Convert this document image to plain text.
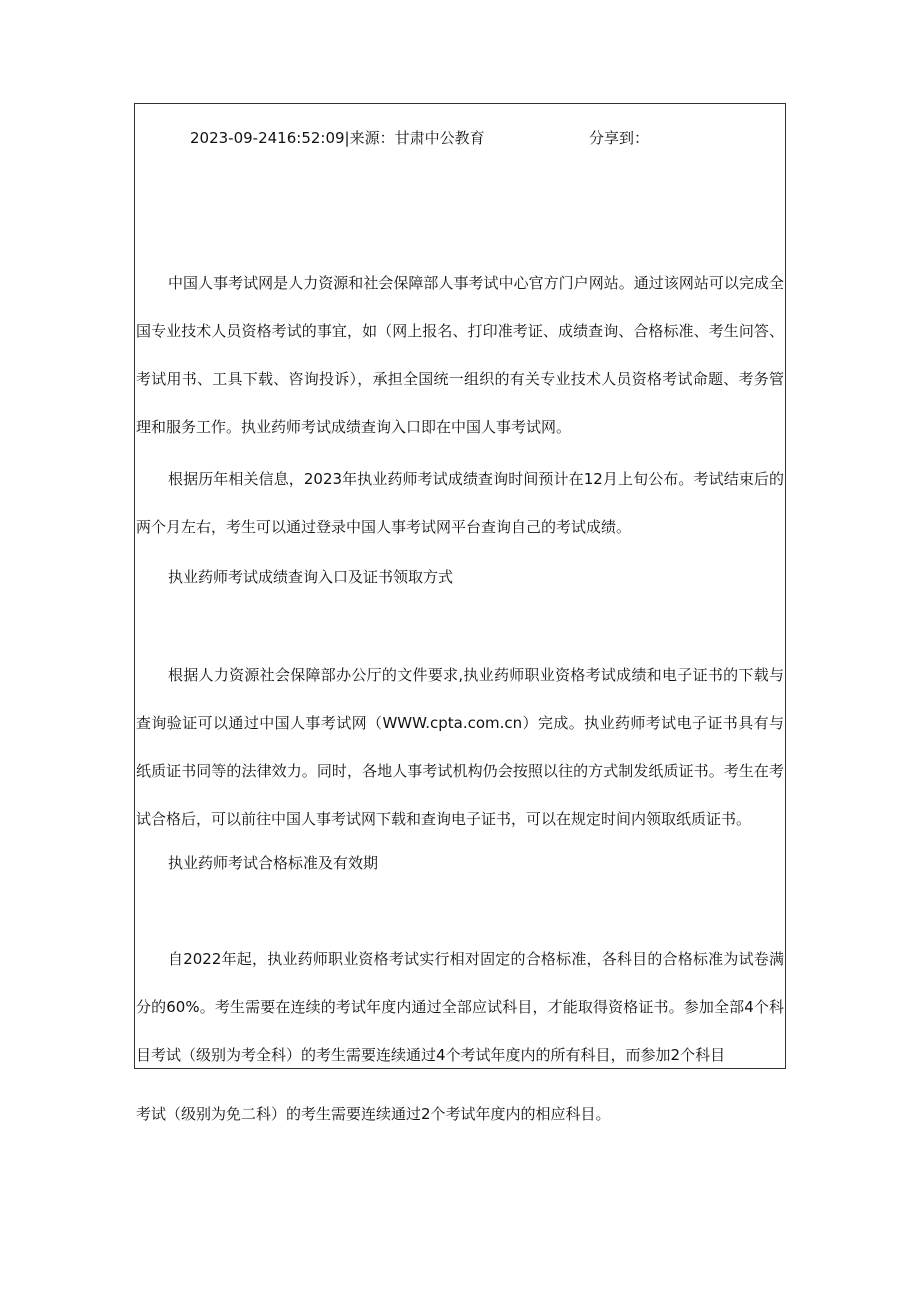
2023-09-2416:52:09|来源：甘肃中公教育	分享到：

中国人事考试网是人力资源和社会保障部人事考试中心官方门户网站。通过该网站可以完成全国专业技术人员资格考试的事宜，如（网上报名、打印准考证、成绩查询、合格标准、考生问答、考试用书、工具下载、咨询投诉），承担全国统一组织的有关专业技术人员资格考试命题、考务管理和服务工作。执业药师考试成绩查询入口即在中国人事考试网。

根据历年相关信息，2023年执业药师考试成绩查询时间预计在12月上旬公布。考试结束后的两个月左右，考生可以通过登录中国人事考试网平台查询自己的考试成绩。

执业药师考试成绩查询入口及证书领取方式

根据人力资源社会保障部办公厅的文件要求,执业药师职业资格考试成绩和电子证书的下载与查询验证可以通过中国人事考试网（WWW.cpta.com.cn）完成。执业药师考试电子证书具有与纸质证书同等的法律效力。同时，各地人事考试机构仍会按照以往的方式制发纸质证书。考生在考试合格后，可以前往中国人事考试网下载和查询电子证书，可以在规定时间内领取纸质证书。

执业药师考试合格标准及有效期

自2022年起，执业药师职业资格考试实行相对固定的合格标准，各科目的合格标准为试卷满分的60%。考生需要在连续的考试年度内通过全部应试科目，才能取得资格证书。参加全部4个科目考试（级别为考全科）的考生需要连续通过4个考试年度内的所有科目，而参加2个科目

考试（级别为免二科）的考生需要连续通过2个考试年度内的相应科目。
